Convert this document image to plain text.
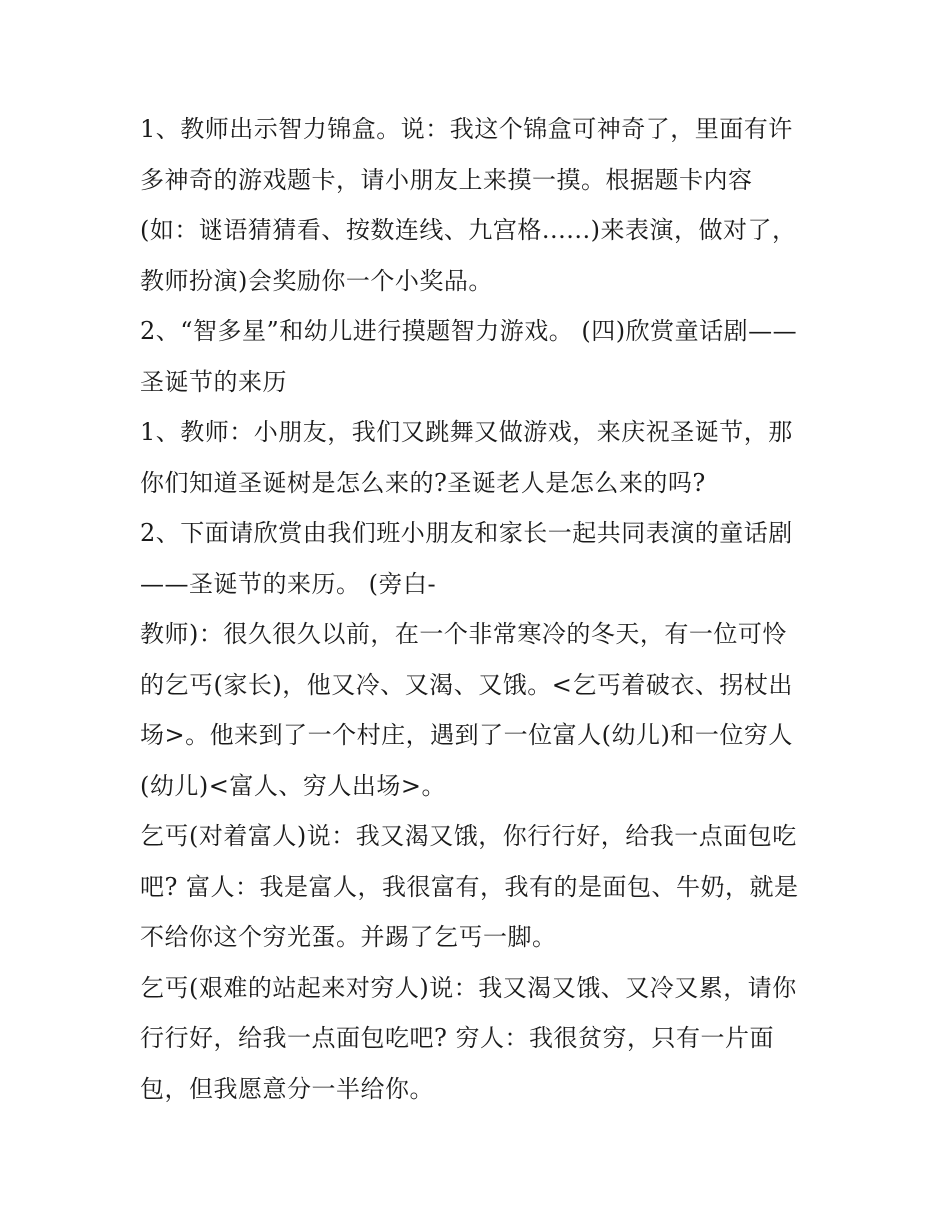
1、教师出示智力锦盒。说：我这个锦盒可神奇了，里面有许
多神奇的游戏题卡，请小朋友上来摸一摸。根据题卡内容
(如：谜语猜猜看、按数连线、九宫格......)来表演，做对了，
教师扮演)会奖励你一个小奖品。
2、“智多星”和幼儿进行摸题智力游戏。 (四)欣赏童话剧——
圣诞节的来历
1、教师：小朋友，我们又跳舞又做游戏，来庆祝圣诞节，那
你们知道圣诞树是怎么来的?圣诞老人是怎么来的吗?
2、下面请欣赏由我们班小朋友和家长一起共同表演的童话剧
——圣诞节的来历。 (旁白-
教师)：很久很久以前，在一个非常寒冷的冬天，有一位可怜
的乞丐(家长)，他又冷、又渴、又饿。<乞丐着破衣、拐杖出
场>。他来到了一个村庄，遇到了一位富人(幼儿)和一位穷人
(幼儿)<富人、穷人出场>。
乞丐(对着富人)说：我又渴又饿，你行行好，给我一点面包吃
吧? 富人：我是富人，我很富有，我有的是面包、牛奶，就是
不给你这个穷光蛋。并踢了乞丐一脚。
乞丐(艰难的站起来对穷人)说：我又渴又饿、又冷又累，请你
行行好，给我一点面包吃吧? 穷人：我很贫穷，只有一片面
包，但我愿意分一半给你。
